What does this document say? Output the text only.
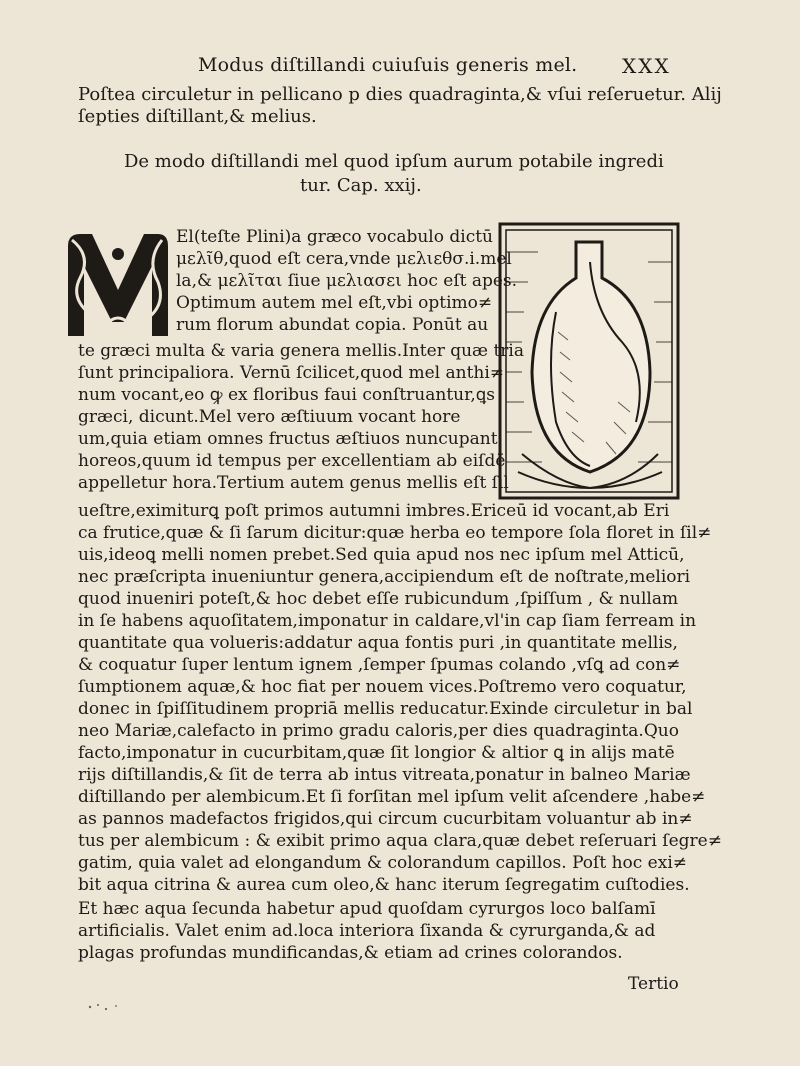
Modus diſtillandi cuiuſuis generis mel. XXX
Poſtea circuletur in pellicano p dies quadraginta,& vſui reſeruetur. Alij
ſepties diſtillant,& melius.
De modo diſtillandi mel quod ipſum aurum potabile ingredi
tur. Cap. xxij.
El(teſte Plini)a grӕco vocabulo dictū
μελῖθ,quod eſt cera,vnde μελιεθσ.i.mel
la,& μελῖται ſiue μελιασει hoc eſt apes.
Optimum autem mel eſt,vbi optimo≠
rum florum abundat copia. Ponūt au
te grӕci multa & varia genera mellis.Inter quӕ tria
ſunt principaliora. Vernū ſcilicet,quod mel anthi≠
num vocant,eo ꝙ ex floribus faui conſtruantur,ꝗs
grӕci, dicunt.Mel vero ӕſtiuum vocant hore
um,quia etiam omnes fructus ӕſtiuos nuncupant
horeos,quum id tempus per excellentiam ab eiſdē
appelletur hora.Tertium autem genus mellis eſt ſil
ueſtre,eximiturꝗ poſt primos autumni imbres.Ericeū id vocant,ab Eri
ca frutice,quӕ & ſi ſarum dicitur:quӕ herba eo tempore ſola floret in ſil≠
uis,ideoꝗ melli nomen prebet.Sed quia apud nos nec ipſum mel Atticū,
nec prӕſcripta inueniuntur genera,accipiendum eſt de noſtrate,meliori
quod inueniri poteſt,& hoc debet eſſe rubicundum ,ſpiſſum , & nullam
in ſe habens aquoſitatem,imponatur in caldare,vl'in cap ſiam ferream in
quantitate qua volueris:addatur aqua fontis puri ,in quantitate mellis,
& coquatur ſuper lentum ignem ,ſemper ſpumas colando ,vſꝗ ad con≠
ſumptionem aquӕ,& hoc fiat per nouem vices.Poſtremo vero coquatur,
donec in ſpiſſitudinem propriā mellis reducatur.Exinde circuletur in bal
neo Mariӕ,calefacto in primo gradu caloris,per dies quadraginta.Quo
facto,imponatur in cucurbitam,quӕ ſit longior & altior ꝗ in alijs matē
rijs diſtillandis,& ſit de terra ab intus vitreata,ponatur in balneo Mariӕ
diſtillando per alembicum.Et ſi forſitan mel ipſum velit aſcendere ,habe≠
as pannos madefactos frigidos,qui circum cucurbitam voluantur ab in≠
tus per alembicum : & exibit primo aqua clara,quӕ debet reſeruari ſegre≠
gatim, quia valet ad elongandum & colorandum capillos. Poſt hoc exi≠
bit aqua citrina & aurea cum oleo,& hanc iterum ſegregatim cuſtodies.
Et hӕc aqua ſecunda habetur apud quoſdam cyrurgos loco balſamī
artificialis. Valet enim ad.loca interiora ſixanda & cyrurganda,& ad
plagas profundas mundificandas,& etiam ad crines colorandos.
Tertio
